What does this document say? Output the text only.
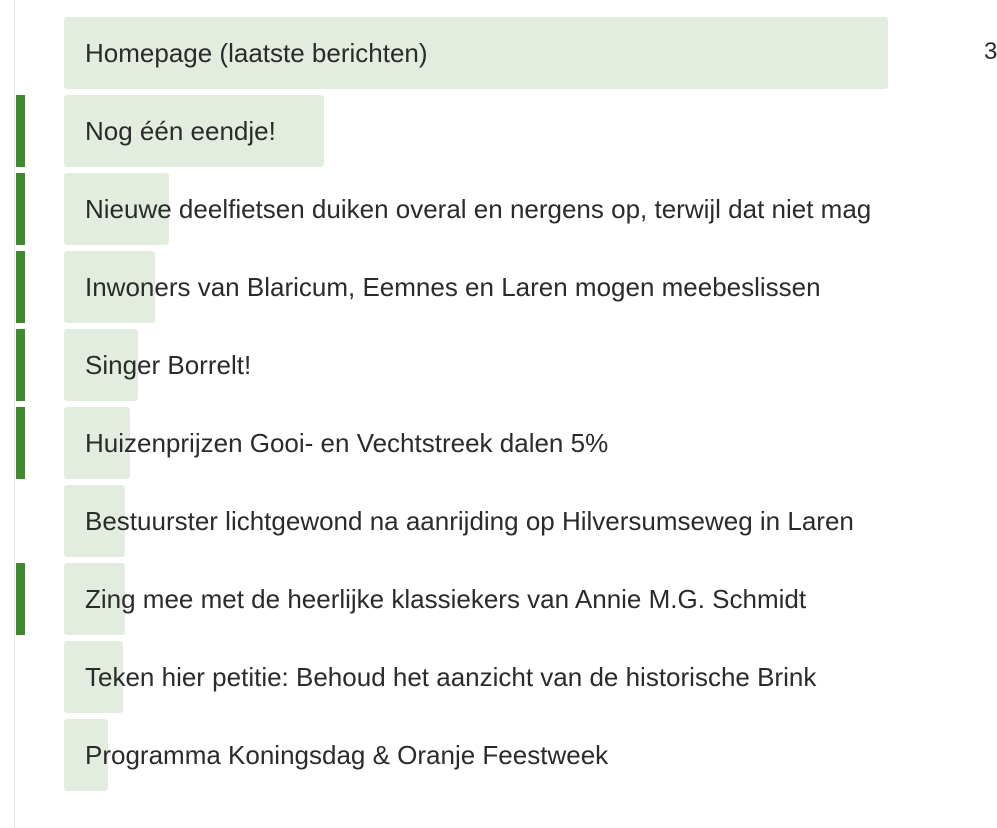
3
Homepage (laatste berichten)
Nog één eendje!
Nieuwe deelfietsen duiken overal en nergens op, terwijl dat niet mag
Inwoners van Blaricum, Eemnes en Laren mogen meebeslissen
Singer Borrelt!
Huizenprijzen Gooi- en Vechtstreek dalen 5%
Bestuurster lichtgewond na aanrijding op Hilversumseweg in Laren
Zing mee met de heerlijke klassiekers van Annie M.G. Schmidt
Teken hier petitie: Behoud het aanzicht van de historische Brink
Programma Koningsdag & Oranje Feestweek
